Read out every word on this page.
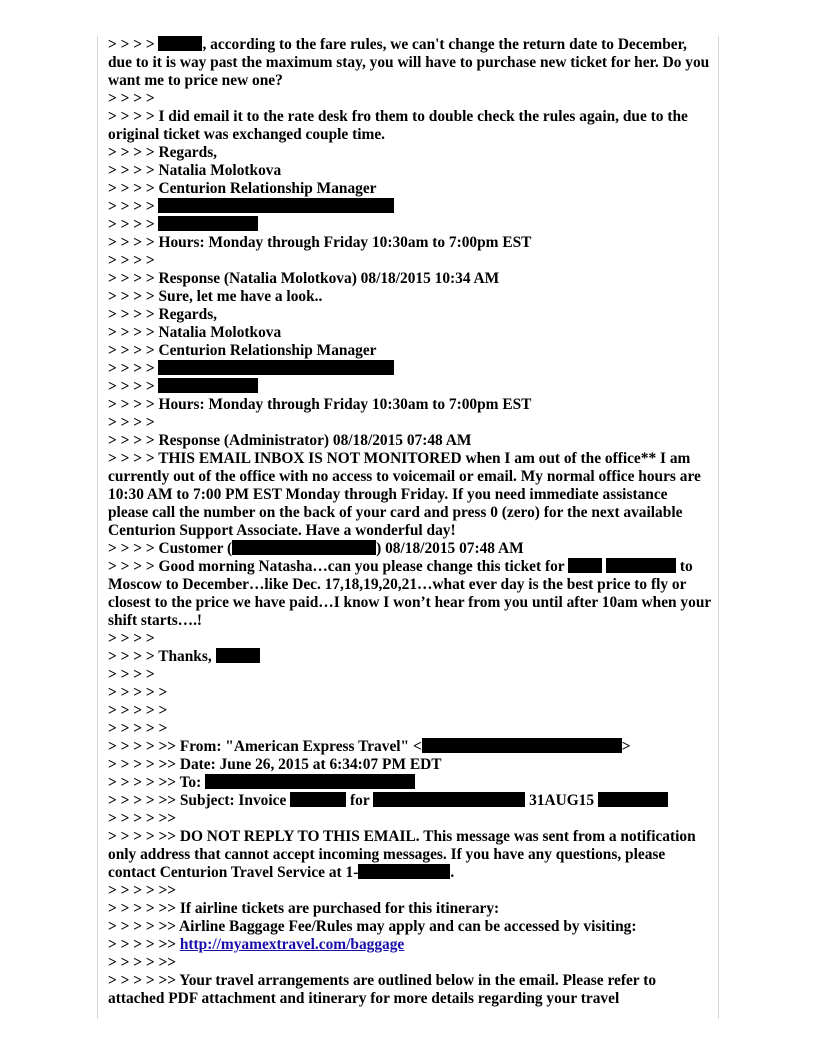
> > > >	, according to the fare rules, we can't change the return date to December, due to it is way past the maximum stay, you will have to purchase new ticket for her. Do you want me to price new one?
> > > >
> > > > I did email it to the rate desk fro them to double check the rules again, due to the original ticket was exchanged couple time.
> > > > Regards,
> > > > Natalia Molotkova
> > > > Centurion Relationship Manager
> > > >
> > > >
> > > > Hours: Monday through Friday 10:30am to 7:00pm EST
> > > >
> > > > Response (Natalia Molotkova) 08/18/2015 10:34 AM
> > > > Sure, let me have a look..
> > > > Regards,
> > > > Natalia Molotkova
> > > > Centurion Relationship Manager
> > > >
> > > >
> > > > Hours: Monday through Friday 10:30am to 7:00pm EST
> > > >
> > > > Response (Administrator) 08/18/2015 07:48 AM
> > > > THIS EMAIL INBOX IS NOT MONITORED when I am out of the office** I am currently out of the office with no access to voicemail or email. My normal office hours are 10:30 AM to 7:00 PM EST Monday through Friday. If you need immediate assistance please call the number on the back of your card and press 0 (zero) for the next available Centurion Support Associate. Have a wonderful day!
> > > > Customer (	) 08/18/2015 07:48 AM
> > > > Good morning Natasha…can you please change this ticket for	to Moscow to December…like Dec. 17,18,19,20,21…what ever day is the best price to fly or closest to the price we have paid…I know I won’t hear from you until after 10am when your shift starts….!
> > > >
> > > > Thanks,
> > > >
> > > > >
> > > > >
> > > > >
> > > > >> From: "American Express Travel" <	>
> > > > >> Date: June 26, 2015 at 6:34:07 PM EDT
> > > > >> To:
> > > > >> Subject: Invoice	for	31AUG15
> > > > >>
> > > > >> DO NOT REPLY TO THIS EMAIL. This message was sent from a notification only address that cannot accept incoming messages. If you have any questions, please contact Centurion Travel Service at 1-	.
> > > > >>
> > > > >> If airline tickets are purchased for this itinerary:
> > > > >> Airline Baggage Fee/Rules may apply and can be accessed by visiting:
> > > > >> http://myamextravel.com/baggage
> > > > >>
> > > > >> Your travel arrangements are outlined below in the email. Please refer to attached PDF attachment and itinerary for more details regarding your travel
